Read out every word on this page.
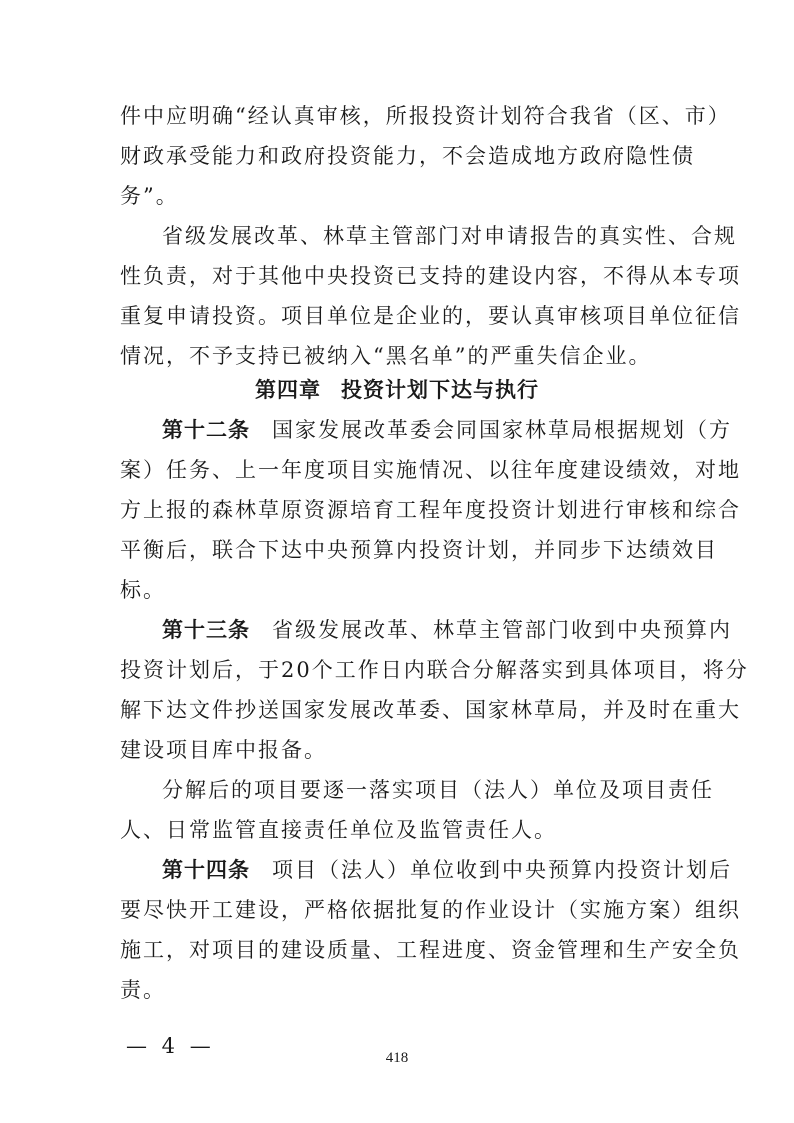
件中应明确“经认真审核，所报投资计划符合我省（区、市）
财政承受能力和政府投资能力，不会造成地方政府隐性债
务”。
省级发展改革、林草主管部门对申请报告的真实性、合规
性负责，对于其他中央投资已支持的建设内容，不得从本专项
重复申请投资。项目单位是企业的，要认真审核项目单位征信
情况，不予支持已被纳入“黑名单”的严重失信企业。
第四章 投资计划下达与执行
第十二条 国家发展改革委会同国家林草局根据规划（方
案）任务、上一年度项目实施情况、以往年度建设绩效，对地
方上报的森林草原资源培育工程年度投资计划进行审核和综合
平衡后，联合下达中央预算内投资计划，并同步下达绩效目
标。
第十三条 省级发展改革、林草主管部门收到中央预算内
投资计划后，于20个工作日内联合分解落实到具体项目，将分
解下达文件抄送国家发展改革委、国家林草局，并及时在重大
建设项目库中报备。
分解后的项目要逐一落实项目（法人）单位及项目责任
人、日常监管直接责任单位及监管责任人。
第十四条 项目（法人）单位收到中央预算内投资计划后
要尽快开工建设，严格依据批复的作业设计（实施方案）组织
施工，对项目的建设质量、工程进度、资金管理和生产安全负
责。
— 4 —	418
